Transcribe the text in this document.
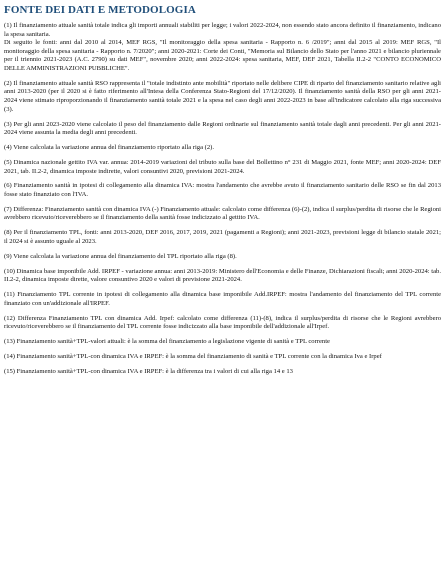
FONTE DEI DATI E METODOLOGIA

(1) Il finanziamento attuale sanità totale indica gli importi annuali stabiliti per legge; i valori 2022-2024, non essendo stato ancora definito il finanziamento, indicano la spesa sanitaria.
Di seguito le fonti: anni dal 2010 al 2014, MEF RGS, "Il monitoraggio della spesa sanitaria - Rapporto n. 6 /2019"; anni dal 2015 al 2019: MEF RGS, "Il monitoraggio della spesa sanitaria - Rapporto n. 7/2020"; anni 2020-2021: Corte dei Conti, "Memoria sul Bilancio dello Stato per l'anno 2021 e bilancio pluriennale per il triennio 2021-2023 (A.C. 2790) su dati MEF", novembre 2020; anni 2022-2024: spesa sanitaria, MEF, DEF 2021, Tabella II.2-2 "CONTO ECONOMICO DELLE AMMINISTRAZIONI PUBBLICHE".

(2) Il finanziamento attuale sanità RSO rappresenta il "totale indistinto ante mobilità" riportato nelle delibere CIPE di riparto del finanziamento sanitario relative agli anni 2013-2020 (per il 2020 si è fatto riferimento all'Intesa della Conferenza Stato-Regioni del 17/12/2020). Il finanziamento sanità della RSO per gli anni 2021-2024 viene stimato riproporzionando il finanziamento sanità totale 2021 e la spesa nel caso degli anni 2022-2023 in base all'indicatore calcolato alla riga successiva (3).

(3) Per gli anni 2023-2020 viene calcolato il peso del finanziamento dalle Regioni ordinarie sul finanziamento sanità totale dagli anni precedenti. Per gli anni 2021-2024 viene assunta la media degli anni precedenti.

(4) Viene calcolata la variazione annua del finanziamento riportato alla riga (2).

(5) Dinamica nazionale gettito IVA var. annua: 2014-2019 variazioni del tributo sulla base del Bollettino n° 231 di Maggio 2021, fonte MEF; anni 2020-2024: DEF 2021, tab. II.2-2, dinamica imposte indirette, valori consuntivi 2020, previsioni 2021-2024.

(6) Finanziamento sanità in ipotesi di collegamento alla dinamica IVA: mostra l'andamento che avrebbe avuto il finanziamento sanitario delle RSO se fin dal 2013 fosse stato finanziato con l'IVA.

(7) Differenza: Finanziamento sanità con dinamica IVA (-) Finanziamento attuale: calcolato come differenza (6)-(2), indica il surplus/perdita di risorse che le Regioni avrebbero ricevuto/riceverebbero se il finanziamento della sanità fosse indicizzato al gettito IVA.

(8) Per il finanziamento TPL, fonti: anni 2013-2020, DEF 2016, 2017, 2019, 2021 (pagamenti a Regioni); anni 2021-2023, previsioni legge di bilancio statale 2021; il 2024 si è assunto uguale al 2023.

(9) Viene calcolata la variazione annua del finanziamento del TPL riportato alla riga (8).

(10) Dinamica base imponibile Add. IRPEF - variazione annua: anni 2013-2019: Ministero dell'Economia e delle Finanze, Dichiarazioni fiscali; anni 2020-2024: tab. II.2-2, dinamica imposte dirette, valore consuntivo 2020 e valori di previsione 2021-2024.

(11) Finanziamento TPL corrente in ipotesi di collegamento alla dinamica base imponibile Add.IRPEF: mostra l'andamento del finanziamento del TPL corrente finanziato con un'addizionale all'IRPEF.

(12) Differenza Finanziamento TPL con dinamica Add. Irpef: calcolato come differenza (11)-(8), indica il surplus/perdita di risorse che le Regioni avrebbero ricevuto/riceverebbero se il finanziamento del TPL corrente fosse indicizzato alla base imponibile dell'addizionale all'Irpef.

(13) Finanziamento sanità+TPL-valori attuali: è la somma del finanziamento a legislazione vigente di sanità e TPL corrente

(14) Finanziamento sanità+TPL-con dinamica IVA e IRPEF: è la somma del finanziamento di sanità e TPL corrente con la dinamica Iva e Irpef

(15) Finanziamento sanità+TPL-con dinamica IVA e IRPEF: è la differenza tra i valori di cui alla riga 14 e 13
